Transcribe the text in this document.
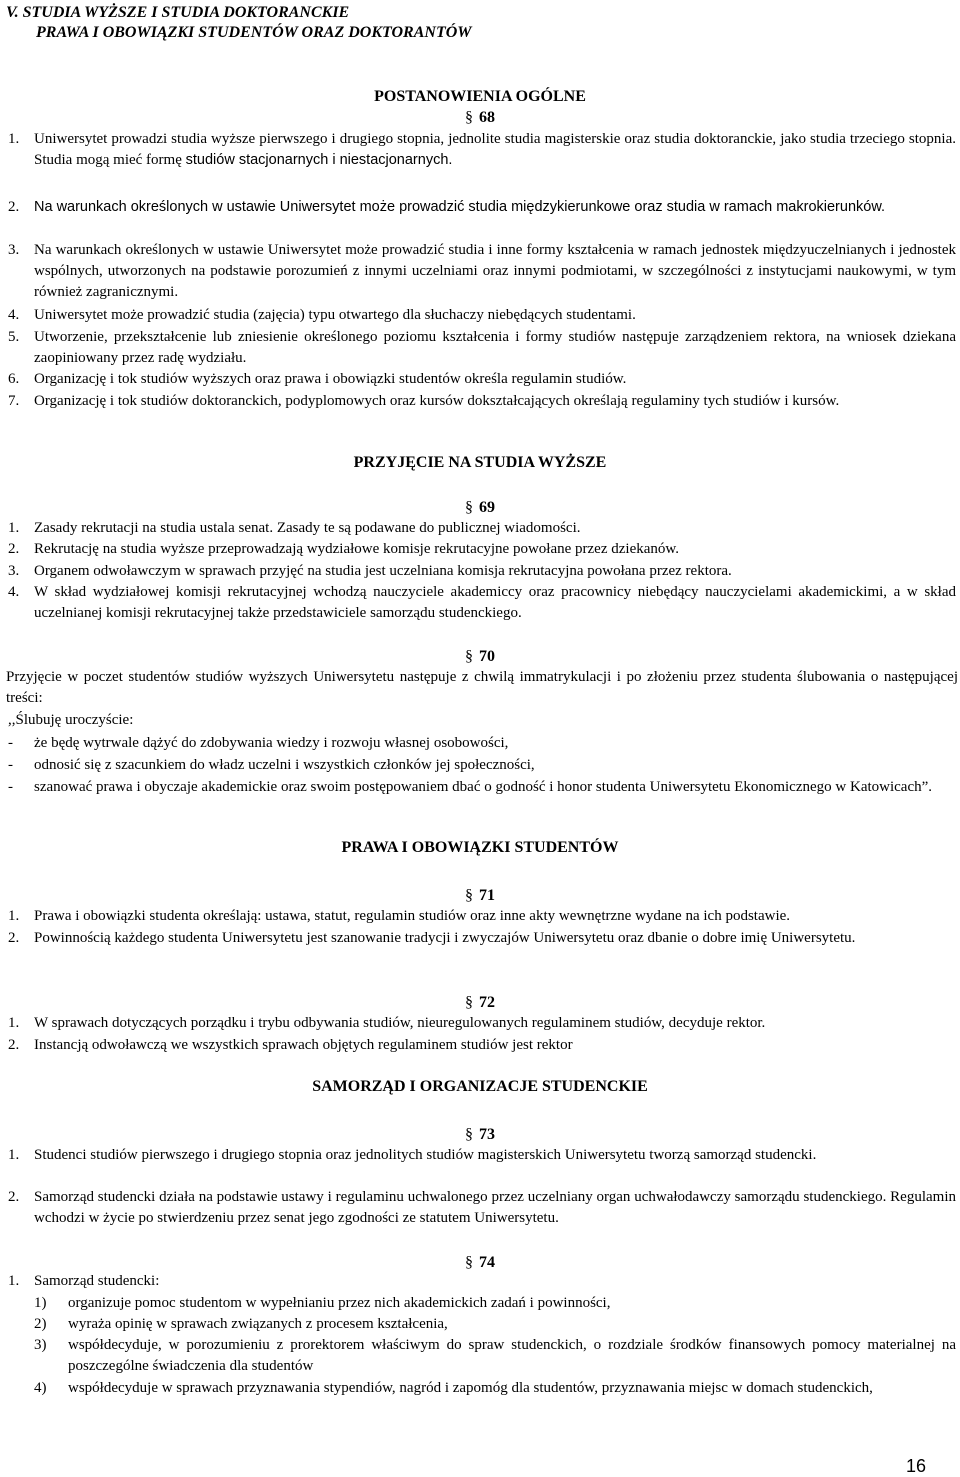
V. STUDIA WYŻSZE I STUDIA DOKTORANCKIE
PRAWA I OBOWIĄZKI STUDENTÓW ORAZ DOKTORANTÓW
POSTANOWIENIA OGÓLNE
§ 68
1. Uniwersytet prowadzi studia wyższe pierwszego i drugiego stopnia, jednolite studia magisterskie oraz studia doktoranckie, jako studia trzeciego stopnia. Studia mogą mieć formę studiów stacjonarnych i niestacjonarnych.
2. Na warunkach określonych w ustawie Uniwersytet może prowadzić studia międzykierunkowe oraz studia w ramach makrokierunków.
3. Na warunkach określonych w ustawie Uniwersytet może prowadzić studia i inne formy kształcenia w ramach jednostek międzyuczelnianych i jednostek wspólnych, utworzonych na podstawie porozumień z innymi uczelniami oraz innymi podmiotami, w szczególności z instytucjami naukowymi, w tym również zagranicznymi.
4. Uniwersytet może prowadzić studia (zajęcia) typu otwartego dla słuchaczy niebędących studentami.
5. Utworzenie, przekształcenie lub zniesienie określonego poziomu kształcenia i formy studiów następuje zarządzeniem rektora, na wniosek dziekana zaopiniowany przez radę wydziału.
6. Organizację i tok studiów wyższych oraz prawa i obowiązki studentów określa regulamin studiów.
7. Organizację i tok studiów doktoranckich, podyplomowych oraz kursów dokształcających określają regulaminy tych studiów i kursów.
PRZYJĘCIE NA STUDIA WYŻSZE
§ 69
1. Zasady rekrutacji na studia ustala senat. Zasady te są podawane do publicznej wiadomości.
2. Rekrutację na studia wyższe przeprowadzają wydziałowe komisje rekrutacyjne powołane przez dziekanów.
3. Organem odwoławczym w sprawach przyjęć na studia jest uczelniana komisja rekrutacyjna powołana przez rektora.
4. W skład wydziałowej komisji rekrutacyjnej wchodzą nauczyciele akademiccy oraz pracownicy niebędący nauczycielami akademickimi, a w skład uczelnianej komisji rekrutacyjnej także przedstawiciele samorządu studenckiego.
§ 70
Przyjęcie w poczet studentów studiów wyższych Uniwersytetu następuje z chwilą immatrykulacji i po złożeniu przez studenta ślubowania o następującej treści:
,,Ślubuję uroczyście:
- że będę wytrwale dążyć do zdobywania wiedzy i rozwoju własnej osobowości,
- odnosić się z szacunkiem do władz uczelni i wszystkich członków jej społeczności,
- szanować prawa i obyczaje akademickie oraz swoim postępowaniem dbać o godność i honor studenta Uniwersytetu Ekonomicznego w Katowicach”.
PRAWA I OBOWIĄZKI STUDENTÓW
§ 71
1. Prawa i obowiązki studenta określają: ustawa, statut, regulamin studiów oraz inne akty wewnętrzne wydane na ich podstawie.
2. Powinnością każdego studenta Uniwersytetu jest szanowanie tradycji i zwyczajów Uniwersytetu oraz dbanie o dobre imię Uniwersytetu.
§ 72
1. W sprawach dotyczących porządku i trybu odbywania studiów, nieuregulowanych regulaminem studiów, decyduje rektor.
2. Instancją odwoławczą we wszystkich sprawach objętych regulaminem studiów jest rektor
SAMORZĄD I ORGANIZACJE STUDENCKIE
§ 73
1. Studenci studiów pierwszego i drugiego stopnia oraz jednolitych studiów magisterskich Uniwersytetu tworzą samorząd studencki.
2. Samorząd studencki działa na podstawie ustawy i regulaminu uchwalonego przez uczelniany organ uchwałodawczy samorządu studenckiego. Regulamin wchodzi w życie po stwierdzeniu przez senat jego zgodności ze statutem Uniwersytetu.
§ 74
1. Samorząd studencki:
1) organizuje pomoc studentom w wypełnianiu przez nich akademickich zadań i powinności,
2) wyraża opinię w sprawach związanych z procesem kształcenia,
3) współdecyduje, w porozumieniu z prorektorem właściwym do spraw studenckich, o rozdziale środków finansowych pomocy materialnej na poszczególne świadczenia dla studentów
4) współdecyduje w sprawach przyznawania stypendiów, nagród i zapomóg dla studentów, przyznawania miejsc w domach studenckich,
16
